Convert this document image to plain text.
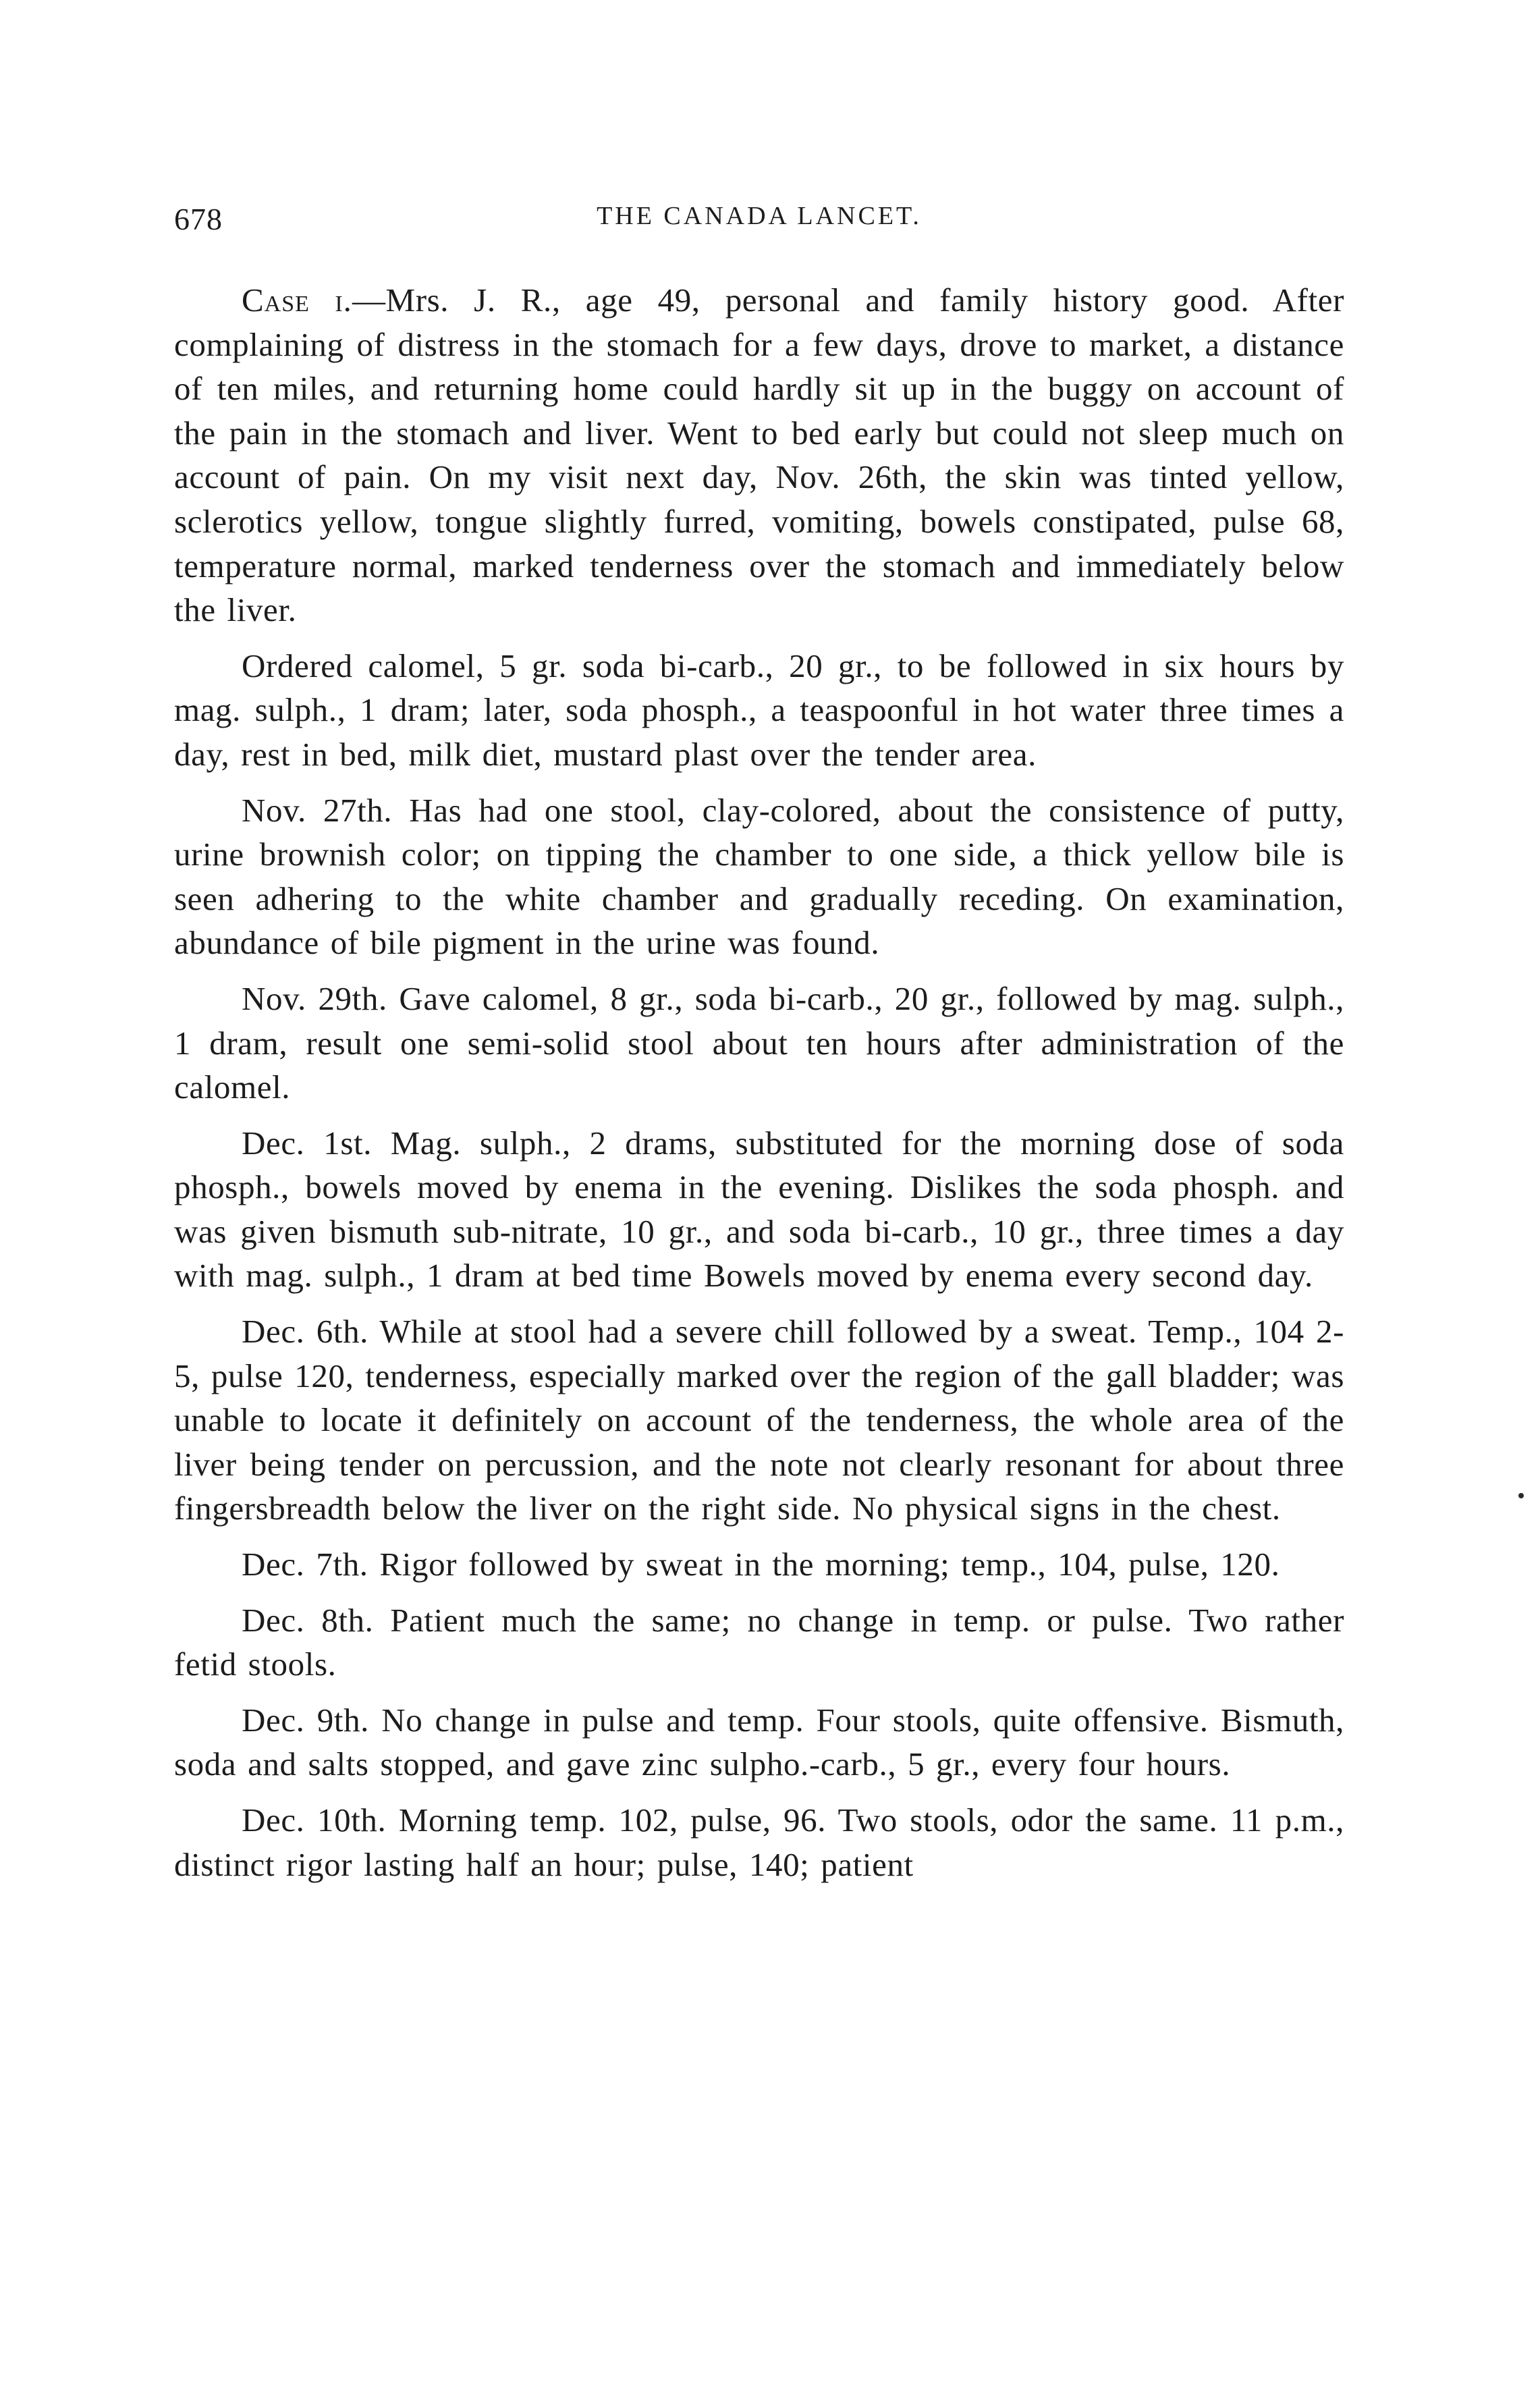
678	THE CANADA LANCET.

Case i.—Mrs. J. R., age 49, personal and family history good. After complaining of distress in the stomach for a few days, drove to market, a distance of ten miles, and returning home could hardly sit up in the buggy on account of the pain in the stomach and liver. Went to bed early but could not sleep much on account of pain. On my visit next day, Nov. 26th, the skin was tinted yellow, sclerotics yellow, tongue slightly furred, vomiting, bowels constipated, pulse 68, temperature normal, marked tenderness over the stomach and immediately below the liver.

Ordered calomel, 5 gr. soda bi-carb., 20 gr., to be followed in six hours by mag. sulph., 1 dram; later, soda phosph., a teaspoonful in hot water three times a day, rest in bed, milk diet, mustard plast over the tender area.

Nov. 27th. Has had one stool, clay-colored, about the consistence of putty, urine brownish color; on tipping the chamber to one side, a thick yellow bile is seen adhering to the white chamber and gradually receding. On examination, abundance of bile pigment in the urine was found.

Nov. 29th. Gave calomel, 8 gr., soda bi-carb., 20 gr., followed by mag. sulph., 1 dram, result one semi-solid stool about ten hours after administration of the calomel.

Dec. 1st. Mag. sulph., 2 drams, substituted for the morning dose of soda phosph., bowels moved by enema in the evening. Dislikes the soda phosph. and was given bismuth sub-nitrate, 10 gr., and soda bi-carb., 10 gr., three times a day with mag. sulph., 1 dram at bed time Bowels moved by enema every second day.

Dec. 6th. While at stool had a severe chill followed by a sweat. Temp., 104 2-5, pulse 120, tenderness, especially marked over the region of the gall bladder; was unable to locate it definitely on account of the tenderness, the whole area of the liver being tender on percussion, and the note not clearly resonant for about three fingersbreadth below the liver on the right side. No physical signs in the chest.

Dec. 7th. Rigor followed by sweat in the morning; temp., 104, pulse, 120.

Dec. 8th. Patient much the same; no change in temp. or pulse. Two rather fetid stools.

Dec. 9th. No change in pulse and temp. Four stools, quite offensive. Bismuth, soda and salts stopped, and gave zinc sulpho.-carb., 5 gr., every four hours.

Dec. 10th. Morning temp. 102, pulse, 96. Two stools, odor the same. 11 p.m., distinct rigor lasting half an hour; pulse, 140; patient
